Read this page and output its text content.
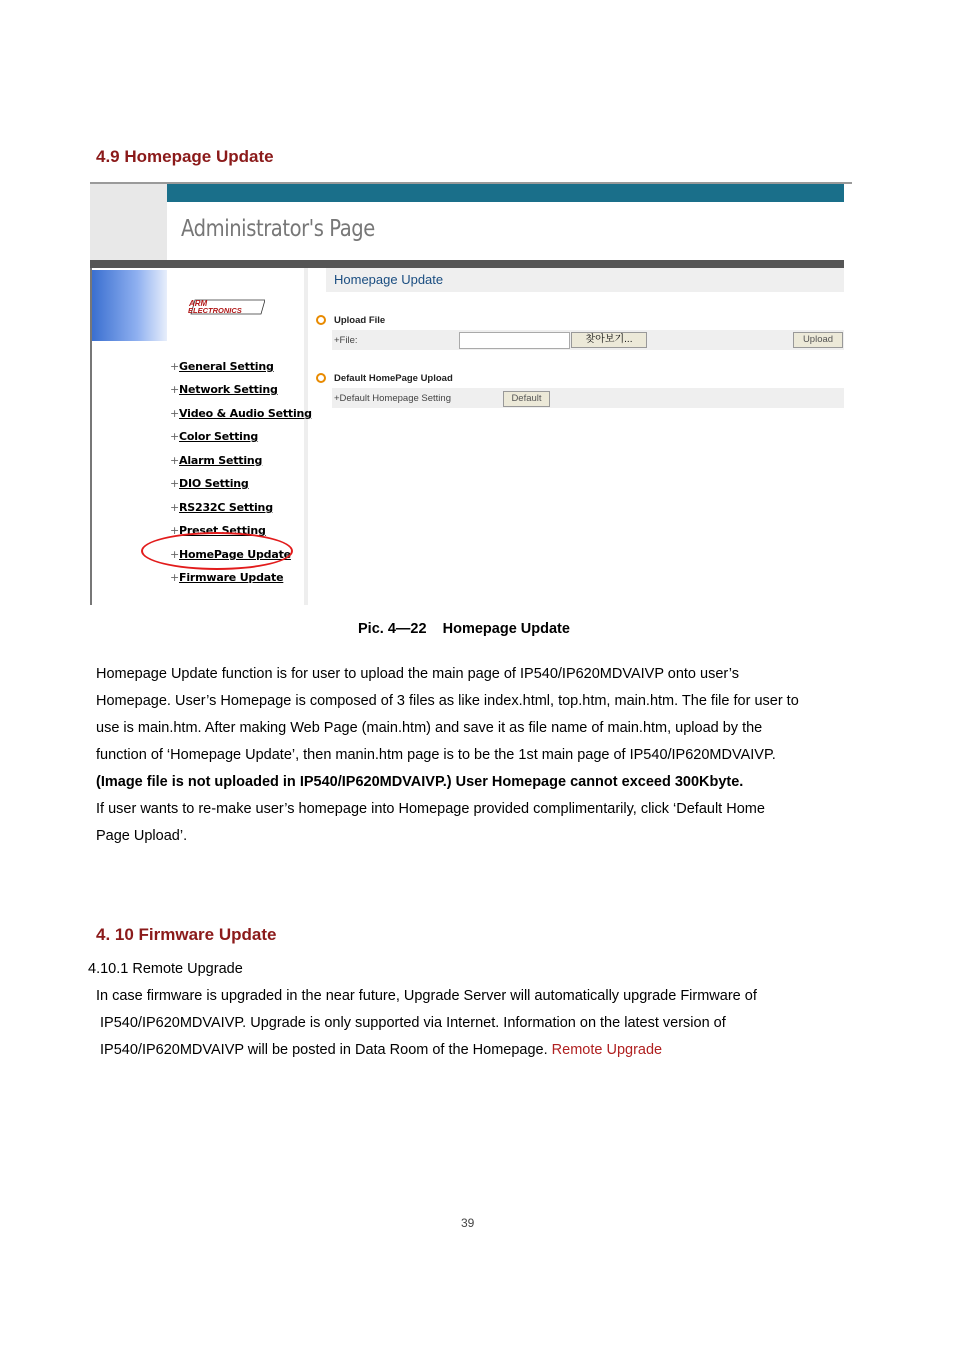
4.9 Homepage Update
Administrator's Page
ARM
ELECTRONICS
Homepage Update
Upload File
+File:	찾아보기...	Upload
Default HomePage Upload
+Default Homepage Setting	Default
+General Setting
+Network Setting
+Video & Audio Setting
+Color Setting
+Alarm Setting
+DIO Setting
+RS232C Setting
+Preset Setting
+HomePage Update
+Firmware Update
Pic. 4—22    Homepage Update
Homepage Update function is for user to upload the main page of IP540/IP620MDVAIVP onto user’s
Homepage. User’s Homepage is composed of 3 files as like index.html, top.htm, main.htm. The file for user to
use is main.htm. After making Web Page (main.htm) and save it as file name of main.htm, upload by the
function of ‘Homepage Update’, then manin.htm page is to be the 1st main page of IP540/IP620MDVAIVP.
(Image file is not uploaded in IP540/IP620MDVAIVP.) User Homepage cannot exceed 300Kbyte.
If user wants to re-make user’s homepage into Homepage provided complimentarily, click ‘Default Home
Page Upload’.
4. 10 Firmware Update
4.10.1 Remote Upgrade
In case firmware is upgraded in the near future, Upgrade Server will automatically upgrade Firmware of
IP540/IP620MDVAIVP. Upgrade is only supported via Internet. Information on the latest version of
IP540/IP620MDVAIVP will be posted in Data Room of the Homepage. Remote Upgrade
39
